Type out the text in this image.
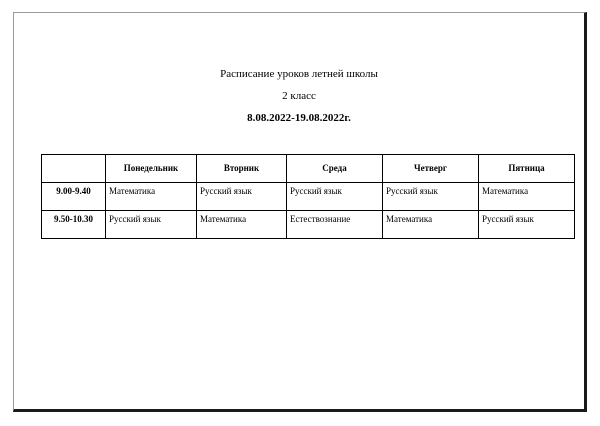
Расписание уроков летней школы
2 класс
8.08.2022-19.08.2022г.
	Понедельник	Вторник	Среда	Четверг	Пятница
9.00-9.40	Математика	Русский язык	Русский язык	Русский язык	Математика
9.50-10.30	Русский язык	Математика	Естествознание	Математика	Русский язык
